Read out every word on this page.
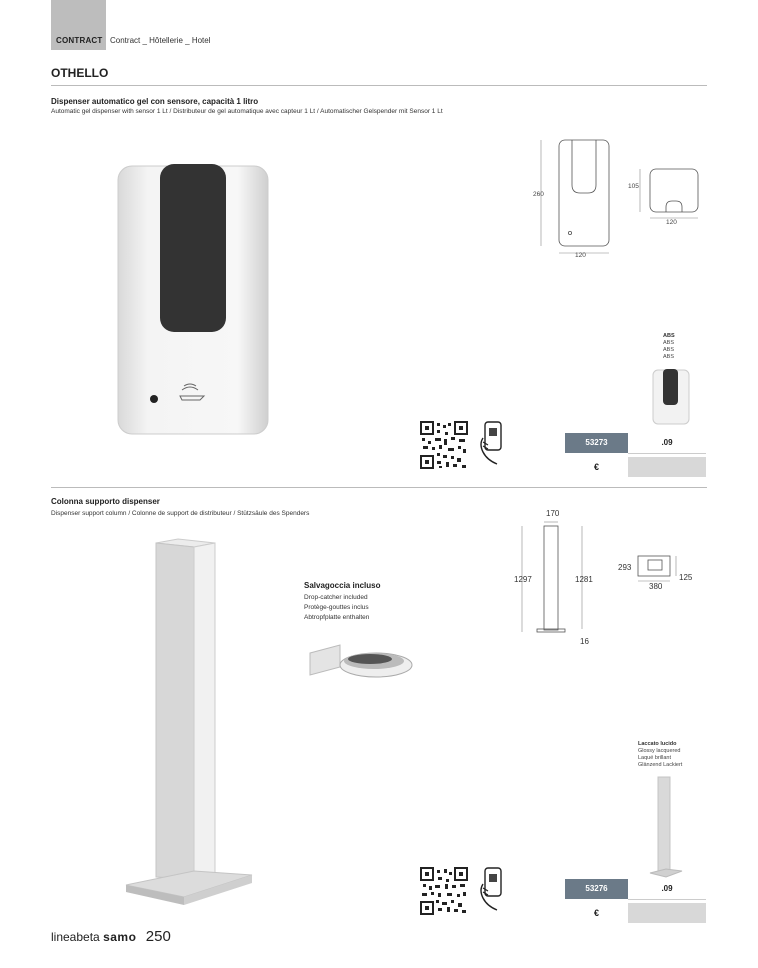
CONTRACT Contract _ Hôtellerie _ Hotel
OTHELLO
Dispenser automatico gel con sensore, capacità 1 litro
Automatic gel dispenser with sensor 1 Lt / Distributeur de gel automatique avec capteur 1 Lt / Automatischer Gelspender mit Sensor 1 Lt
260
120
105
120
ABS
ABS
ABS
ABS
53273	.09
€
Colonna supporto dispenser
Dispenser support column / Colonne de support de distributeur / Stützsäule des Spenders
Salvagoccia incluso
Drop-catcher included
Protège-gouttes inclus
Abtropfplatte enthalten
170
1297	1281
16
293
125
380
Laccato lucido
Glossy lacquered
Laqué brillant
Glänzend Lackiert
53276	.09
€
lineabeta samo 250
